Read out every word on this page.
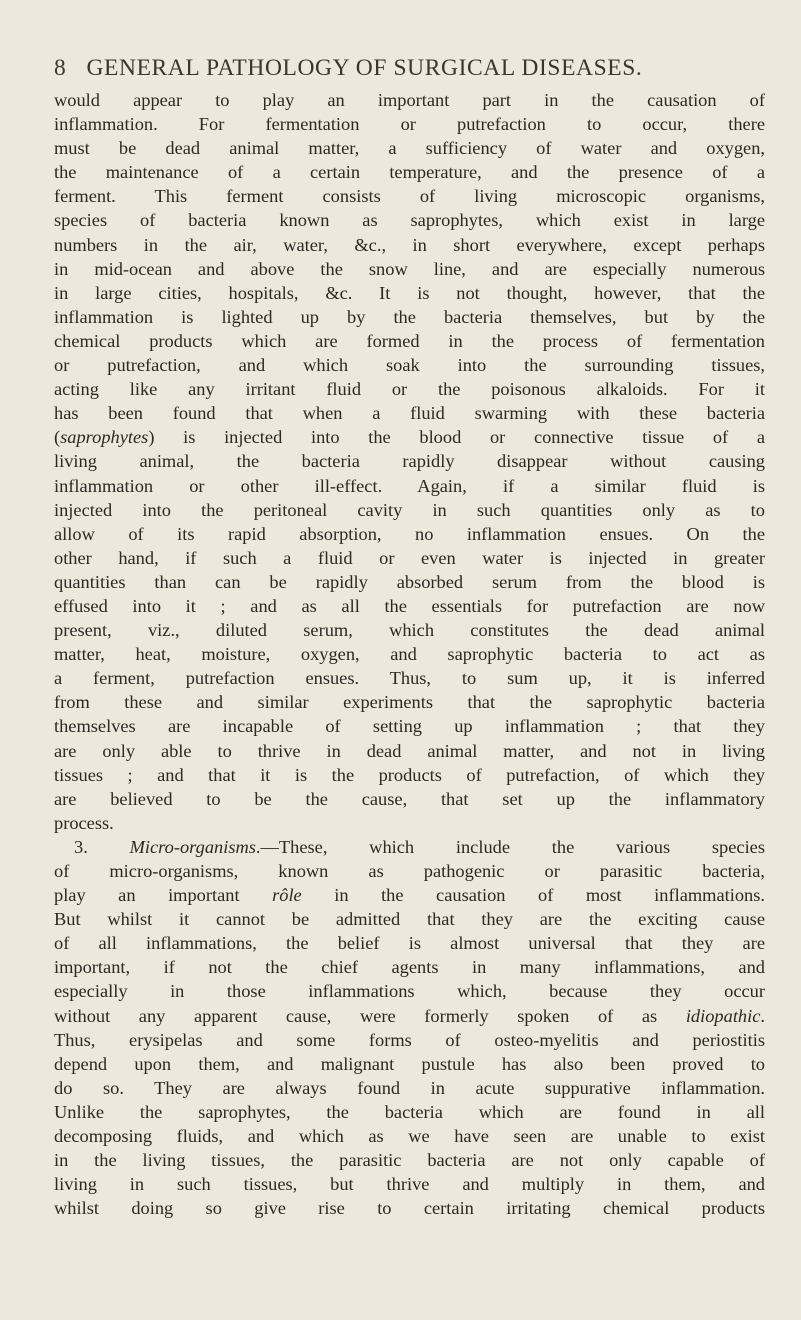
8 GENERAL PATHOLOGY OF SURGICAL DISEASES.
would appear to play an important part in the causation of
inflammation. For fermentation or putrefaction to occur, there
must be dead animal matter, a sufficiency of water and oxygen,
the maintenance of a certain temperature, and the presence of a
ferment. This ferment consists of living microscopic organisms,
species of bacteria known as saprophytes, which exist in large
numbers in the air, water, &c., in short everywhere, except perhaps
in mid-ocean and above the snow line, and are especially numerous
in large cities, hospitals, &c. It is not thought, however, that the
inflammation is lighted up by the bacteria themselves, but by the
chemical products which are formed in the process of fermentation
or putrefaction, and which soak into the surrounding tissues,
acting like any irritant fluid or the poisonous alkaloids. For it
has been found that when a fluid swarming with these bacteria
(saprophytes) is injected into the blood or connective tissue of a
living animal, the bacteria rapidly disappear without causing
inflammation or other ill-effect. Again, if a similar fluid is
injected into the peritoneal cavity in such quantities only as to
allow of its rapid absorption, no inflammation ensues. On the
other hand, if such a fluid or even water is injected in greater
quantities than can be rapidly absorbed serum from the blood is
effused into it ; and as all the essentials for putrefaction are now
present, viz., diluted serum, which constitutes the dead animal
matter, heat, moisture, oxygen, and saprophytic bacteria to act as
a ferment, putrefaction ensues. Thus, to sum up, it is inferred
from these and similar experiments that the saprophytic bacteria
themselves are incapable of setting up inflammation ; that they
are only able to thrive in dead animal matter, and not in living
tissues ; and that it is the products of putrefaction, of which they
are believed to be the cause, that set up the inflammatory
process.
3. Micro-organisms.—These, which include the various species
of micro-organisms, known as pathogenic or parasitic bacteria,
play an important rôle in the causation of most inflammations.
But whilst it cannot be admitted that they are the exciting cause
of all inflammations, the belief is almost universal that they are
important, if not the chief agents in many inflammations, and
especially in those inflammations which, because they occur
without any apparent cause, were formerly spoken of as idiopathic.
Thus, erysipelas and some forms of osteo-myelitis and periostitis
depend upon them, and malignant pustule has also been proved to
do so. They are always found in acute suppurative inflammation.
Unlike the saprophytes, the bacteria which are found in all
decomposing fluids, and which as we have seen are unable to exist
in the living tissues, the parasitic bacteria are not only capable of
living in such tissues, but thrive and multiply in them, and
whilst doing so give rise to certain irritating chemical products
